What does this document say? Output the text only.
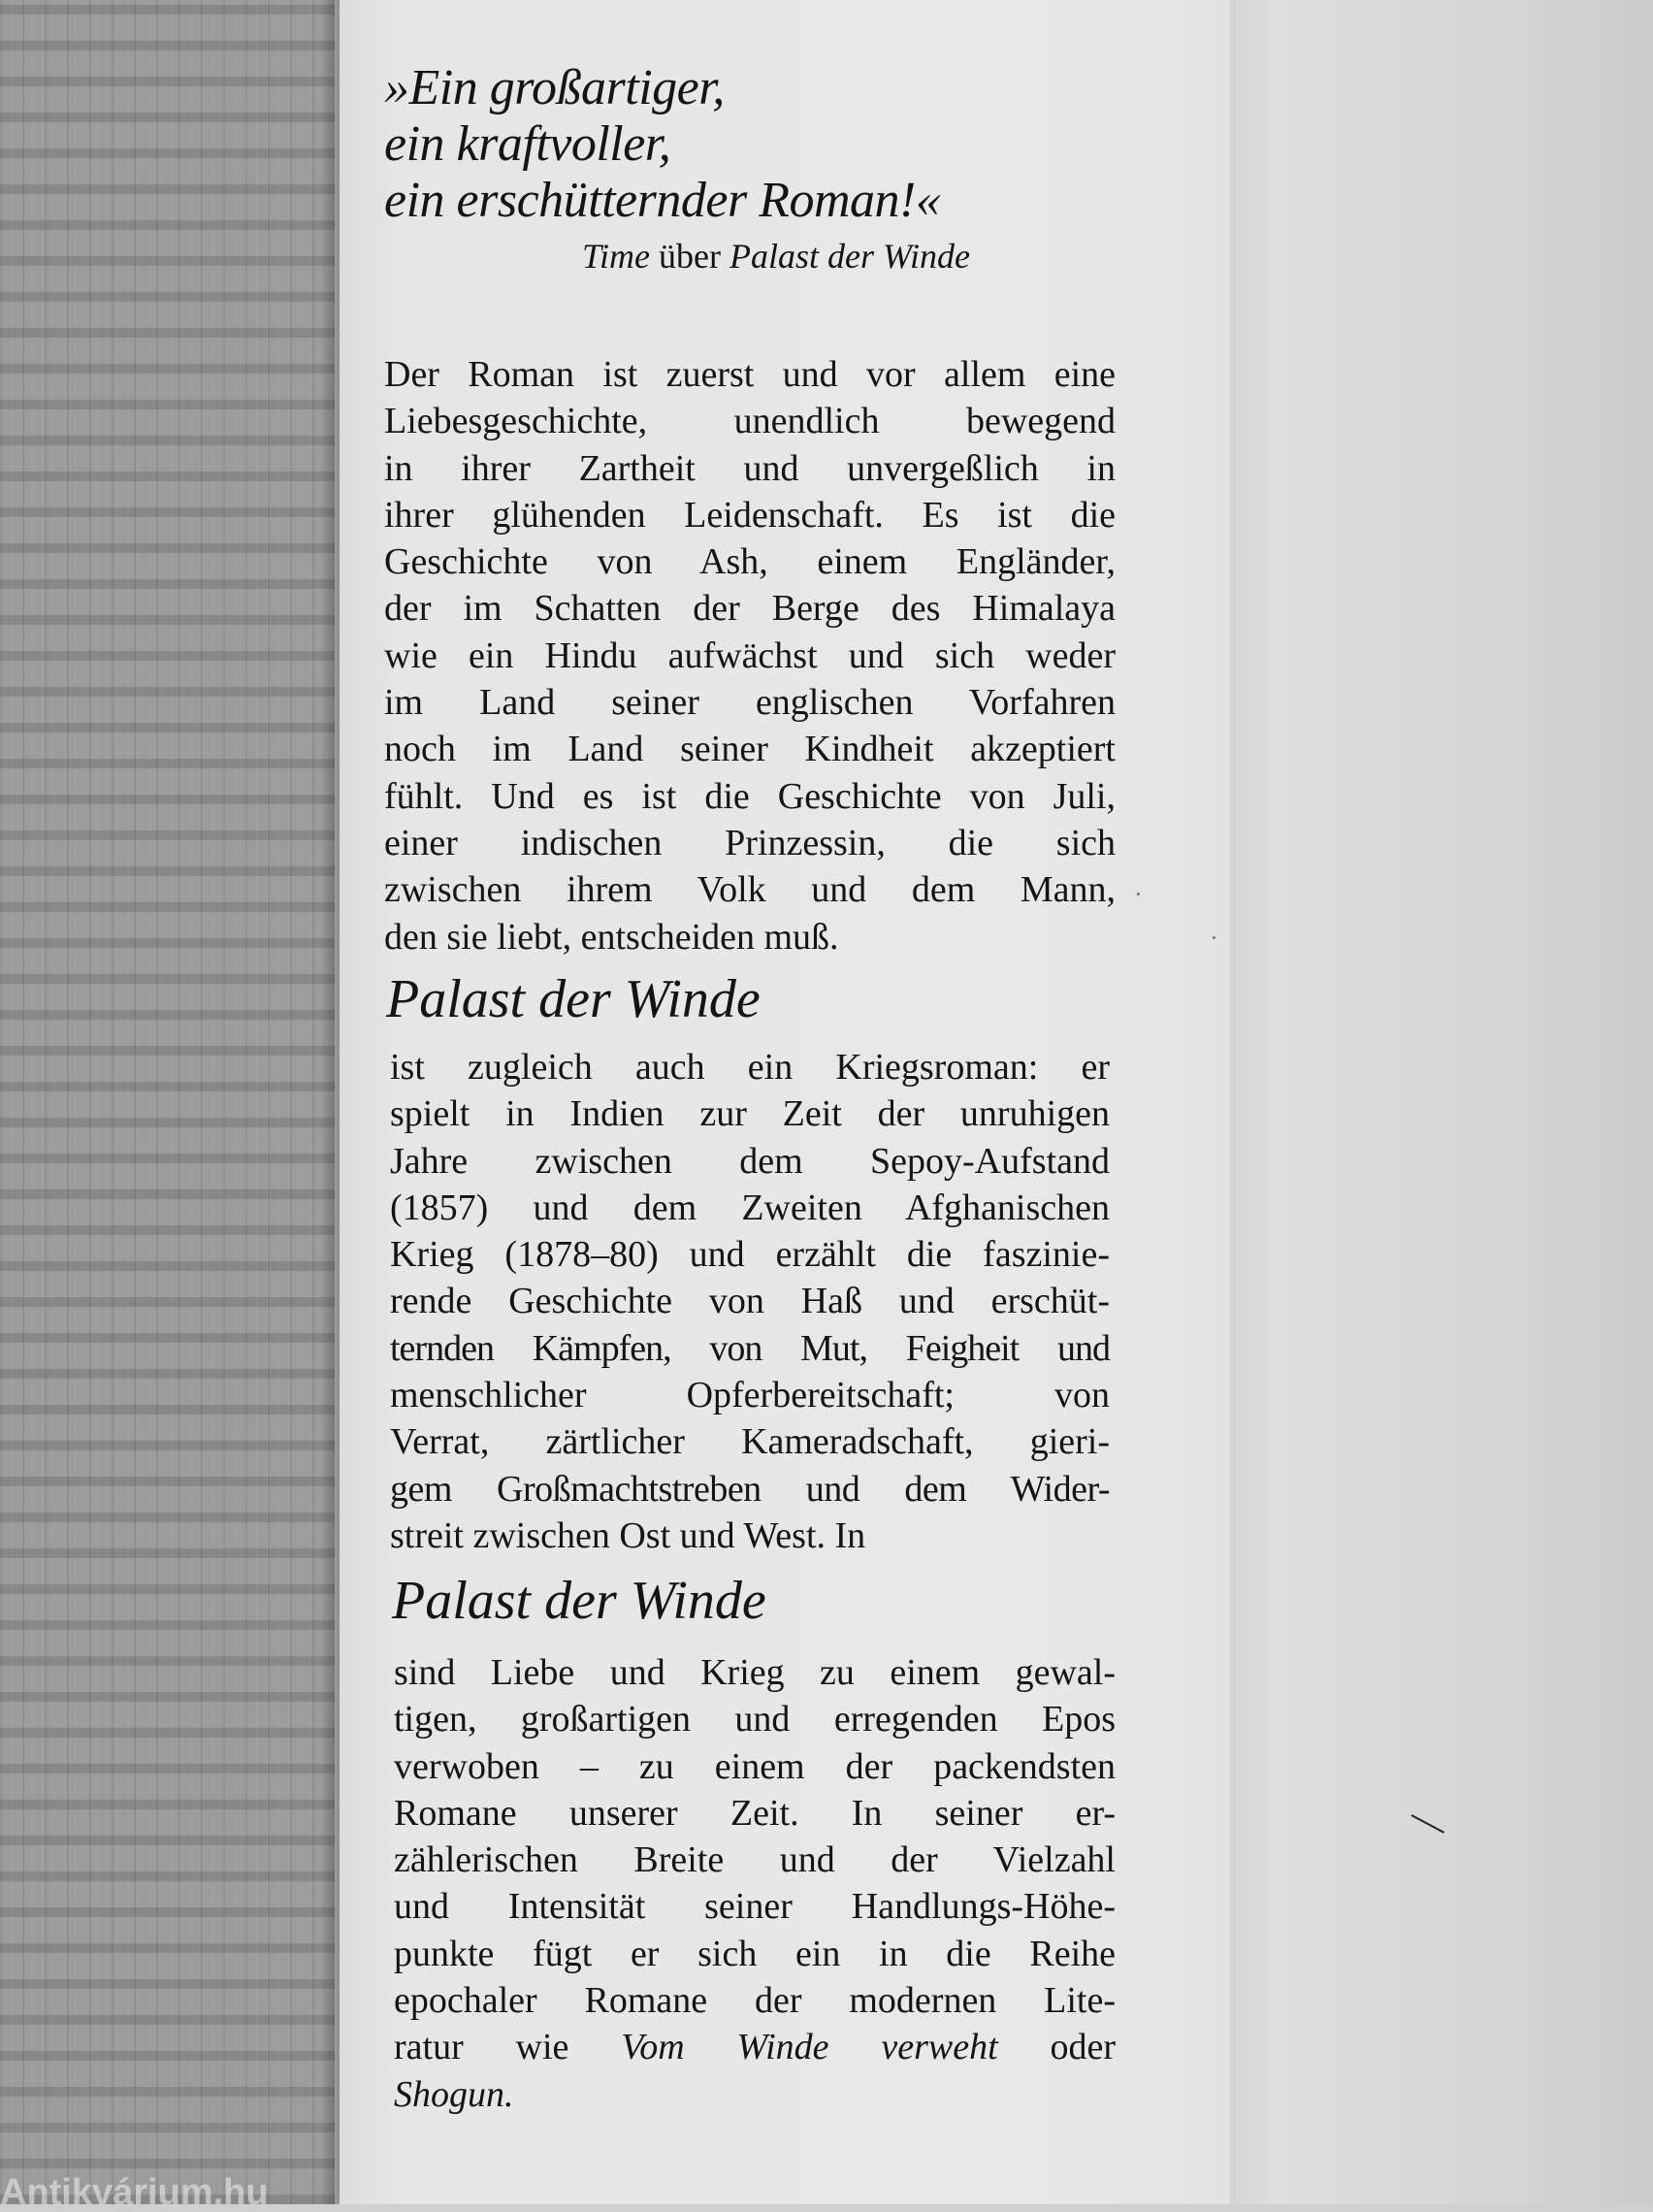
»Ein großartiger,
ein kraftvoller,
ein erschütternder Roman!«
Time über Palast der Winde
Der Roman ist zuerst und vor allem eine
Liebesgeschichte, unendlich bewegend
in ihrer Zartheit und unvergeßlich in
ihrer glühenden Leidenschaft. Es ist die
Geschichte von Ash, einem Engländer,
der im Schatten der Berge des Himalaya
wie ein Hindu aufwächst und sich weder
im Land seiner englischen Vorfahren
noch im Land seiner Kindheit akzeptiert
fühlt. Und es ist die Geschichte von Juli,
einer indischen Prinzessin, die sich
zwischen ihrem Volk und dem Mann,
den sie liebt, entscheiden muß.
Palast der Winde
ist zugleich auch ein Kriegsroman: er
spielt in Indien zur Zeit der unruhigen
Jahre zwischen dem Sepoy-Aufstand
(1857) und dem Zweiten Afghanischen
Krieg (1878–80) und erzählt die faszinie-
rende Geschichte von Haß und erschüt-
ternden Kämpfen, von Mut, Feigheit und
menschlicher Opferbereitschaft; von
Verrat, zärtlicher Kameradschaft, gieri-
gem Großmachtstreben und dem Wider-
streit zwischen Ost und West. In
Palast der Winde
sind Liebe und Krieg zu einem gewal-
tigen, großartigen und erregenden Epos
verwoben – zu einem der packendsten
Romane unserer Zeit. In seiner er-
zählerischen Breite und der Vielzahl
und Intensität seiner Handlungs-Höhe-
punkte fügt er sich ein in die Reihe
epochaler Romane der modernen Lite-
ratur wie Vom Winde verweht oder
Shogun.
Antikvárium.hu
